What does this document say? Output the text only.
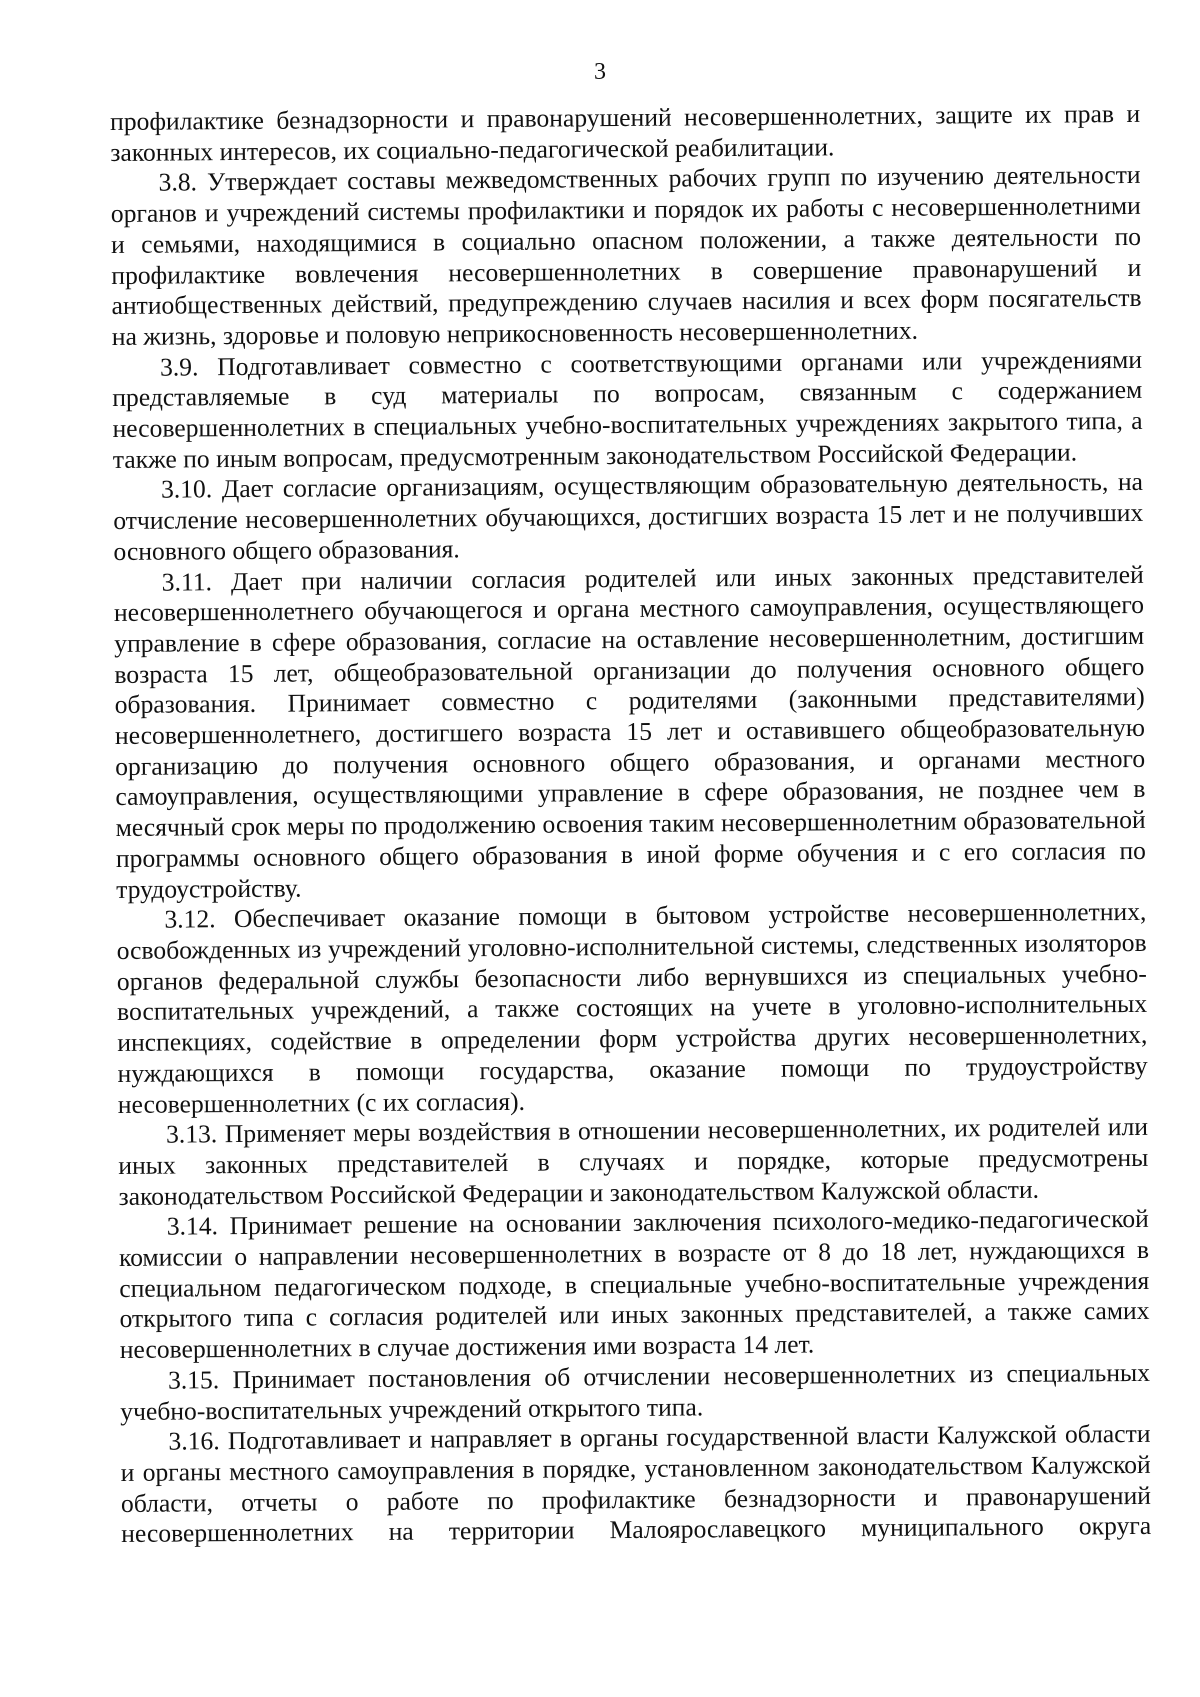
3

профилактике безнадзорности и правонарушений несовершеннолетних, защите их прав и законных интересов, их социально-педагогической реабилитации.

3.8. Утверждает составы межведомственных рабочих групп по изучению деятельности органов и учреждений системы профилактики и порядок их работы с несовершеннолетними и семьями, находящимися в социально опасном положении, а также деятельности по профилактике вовлечения несовершеннолетних в совершение правонарушений и антиобщественных действий, предупреждению случаев насилия и всех форм посягательств на жизнь, здоровье и половую неприкосновенность несовершеннолетних.

3.9. Подготавливает совместно с соответствующими органами или учреждениями представляемые в суд материалы по вопросам, связанным с содержанием несовершеннолетних в специальных учебно-воспитательных учреждениях закрытого типа, а также по иным вопросам, предусмотренным законодательством Российской Федерации.

3.10. Дает согласие организациям, осуществляющим образовательную деятельность, на отчисление несовершеннолетних обучающихся, достигших возраста 15 лет и не получивших основного общего образования.

3.11. Дает при наличии согласия родителей или иных законных представителей несовершеннолетнего обучающегося и органа местного самоуправления, осуществляющего управление в сфере образования, согласие на оставление несовершеннолетним, достигшим возраста 15 лет, общеобразовательной организации до получения основного общего образования. Принимает совместно с родителями (законными представителями) несовершеннолетнего, достигшего возраста 15 лет и оставившего общеобразовательную организацию до получения основного общего образования, и органами местного самоуправления, осуществляющими управление в сфере образования, не позднее чем в месячный срок меры по продолжению освоения таким несовершеннолетним образовательной программы основного общего образования в иной форме обучения и с его согласия по трудоустройству.

3.12. Обеспечивает оказание помощи в бытовом устройстве несовершеннолетних, освобожденных из учреждений уголовно-исполнительной системы, следственных изоляторов органов федеральной службы безопасности либо вернувшихся из специальных учебно-воспитательных учреждений, а также состоящих на учете в уголовно-исполнительных инспекциях, содействие в определении форм устройства других несовершеннолетних, нуждающихся в помощи государства, оказание помощи по трудоустройству несовершеннолетних (с их согласия).

3.13. Применяет меры воздействия в отношении несовершеннолетних, их родителей или иных законных представителей в случаях и порядке, которые предусмотрены законодательством Российской Федерации и законодательством Калужской области.

3.14. Принимает решение на основании заключения психолого-медико-педагогической комиссии о направлении несовершеннолетних в возрасте от 8 до 18 лет, нуждающихся в специальном педагогическом подходе, в специальные учебно-воспитательные учреждения открытого типа с согласия родителей или иных законных представителей, а также самих несовершеннолетних в случае достижения ими возраста 14 лет.

3.15. Принимает постановления об отчислении несовершеннолетних из специальных учебно-воспитательных учреждений открытого типа.

3.16. Подготавливает и направляет в органы государственной власти Калужской области и органы местного самоуправления в порядке, установленном законодательством Калужской области, отчеты о работе по профилактике безнадзорности и правонарушений несовершеннолетних на территории Малоярославецкого муниципального округа
